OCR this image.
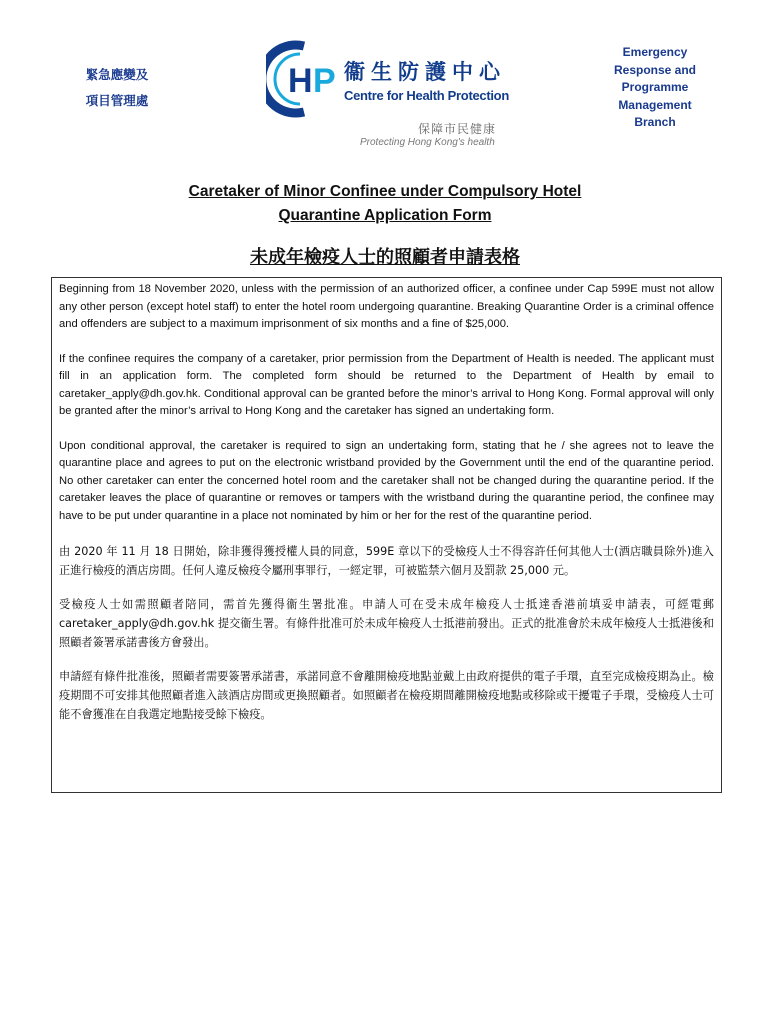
緊急應變及
項目管理處
H P 衞生防護中心
Centre for Health Protection
保障市民健康
Protecting Hong Kong's health
Emergency
Response and
Programme
Management
Branch
Caretaker of Minor Confinee under Compulsory Hotel
Quarantine Application Form
未成年檢疫人士的照顧者申請表格

Beginning from 18 November 2020, unless with the permission of an authorized officer, a confinee under Cap 599E must not allow any other person (except hotel staff) to enter the hotel room undergoing quarantine. Breaking Quarantine Order is a criminal offence and offenders are subject to a maximum imprisonment of six months and a fine of $25,000.

If the confinee requires the company of a caretaker, prior permission from the Department of Health is needed. The applicant must fill in an application form. The completed form should be returned to the Department of Health by email to caretaker_apply@dh.gov.hk. Conditional approval can be granted before the minor’s arrival to Hong Kong. Formal approval will only be granted after the minor’s arrival to Hong Kong and the caretaker has signed an undertaking form.

Upon conditional approval, the caretaker is required to sign an undertaking form, stating that he / she agrees not to leave the quarantine place and agrees to put on the electronic wristband provided by the Government until the end of the quarantine period. No other caretaker can enter the concerned hotel room and the caretaker shall not be changed during the quarantine period. If the caretaker leaves the place of quarantine or removes or tampers with the wristband during the quarantine period, the confinee may have to be put under quarantine in a place not nominated by him or her for the rest of the quarantine period.

由 2020 年 11 月 18 日開始，除非獲得獲授權人員的同意，599E 章以下的受檢疫人士不得容許任何其他人士(酒店職員除外)進入正進行檢疫的酒店房間。任何人違反檢疫令屬刑事罪行，一經定罪，可被監禁六個月及罰款 25,000 元。

受檢疫人士如需照顧者陪同，需首先獲得衞生署批准。申請人可在受未成年檢疫人士抵達香港前填妥申請表，可經電郵 caretaker_apply@dh.gov.hk 提交衞生署。有條件批准可於未成年檢疫人士抵港前發出。正式的批准會於未成年檢疫人士抵港後和照顧者簽署承諾書後方會發出。

申請經有條件批准後，照顧者需要簽署承諾書，承諾同意不會離開檢疫地點並戴上由政府提供的電子手環，直至完成檢疫期為止。檢疫期間不可安排其他照顧者進入該酒店房間或更換照顧者。如照顧者在檢疫期間離開檢疫地點或移除或干擾電子手環，受檢疫人士可能不會獲准在自我選定地點接受餘下檢疫。
